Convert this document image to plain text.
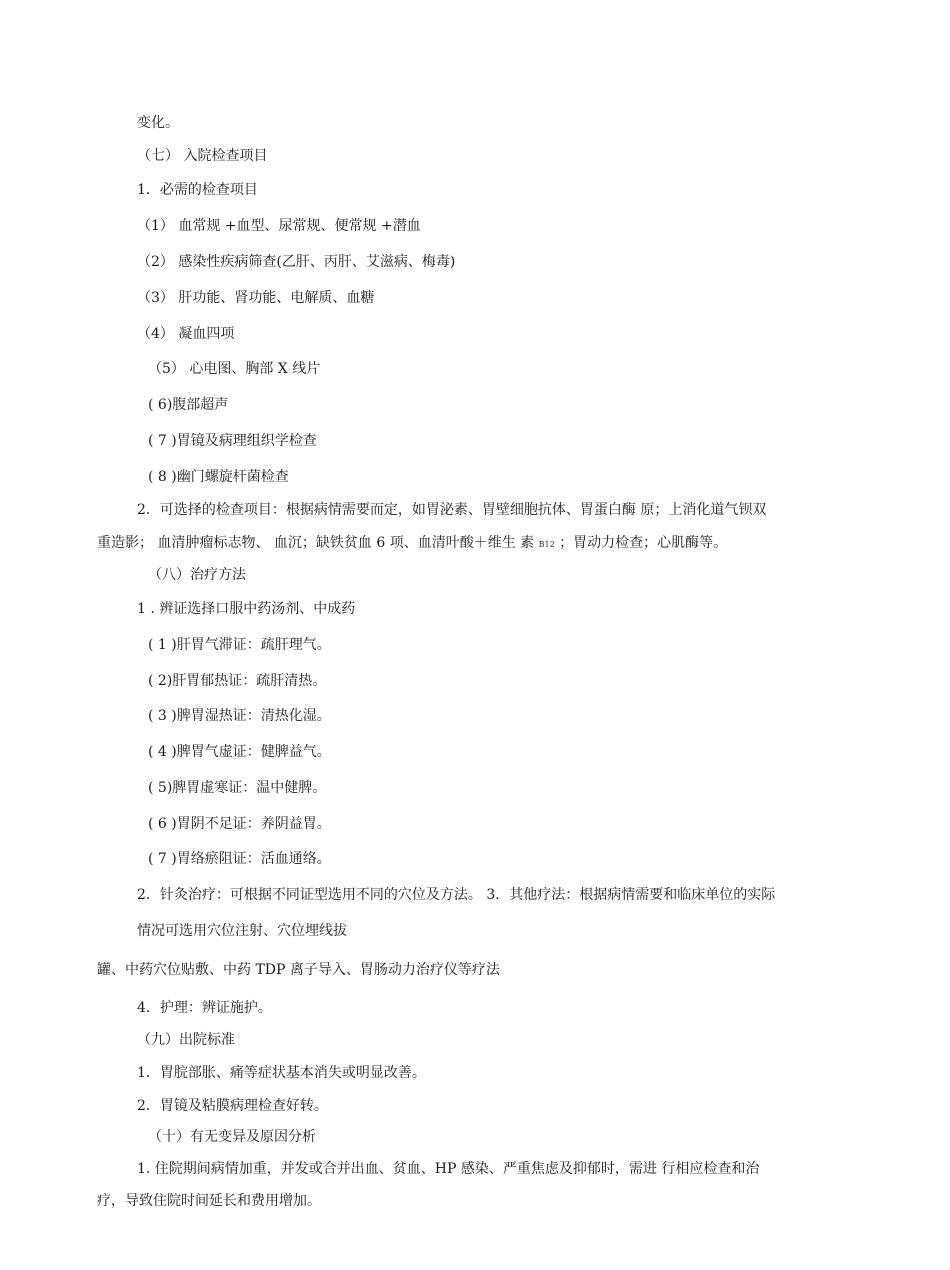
变化。
（七） 入院检查项目
1．必需的检查项目
（1） 血常规 +血型、尿常规、便常规 +潜血
（2） 感染性疾病筛查(乙肝、丙肝、艾滋病、梅毒)
（3） 肝功能、肾功能、电解质、血糖
（4） 凝血四项
（5） 心电图、胸部 X 线片
( 6)腹部超声
( 7 )胃镜及病理组织学检查
( 8 )幽门螺旋杆菌检查
2．可选择的检查项目：根据病情需要而定，如胃泌素、胃壁细胞抗体、胃蛋白酶 原；上消化道气钡双
重造影； 血清肿瘤标志物、 血沉；缺铁贫血 6 项、血清叶酸＋维生 素 B12 ；胃动力检查；心肌酶等。
（八）治疗方法
1 . 辨证选择口服中药汤剂、中成药
( 1 )肝胃气滞证：疏肝理气。
( 2)肝胃郁热证：疏肝清热。
( 3 )脾胃湿热证：清热化湿。
( 4 )脾胃气虚证：健脾益气。
( 5)脾胃虚寒证：温中健脾。
( 6 )胃阴不足证：养阴益胃。
( 7 )胃络瘀阻证：活血通络。
2．针灸治疗：可根据不同证型选用不同的穴位及方法。 3．其他疗法：根据病情需要和临床单位的实际
情况可选用穴位注射、穴位埋线拔
罐、中药穴位贴敷、中药 TDP 离子导入、胃肠动力治疗仪等疗法
4．护理：辨证施护。
（九）出院标准
1．胃脘部胀、痛等症状基本消失或明显改善。
2．胃镜及粘膜病理检查好转。
（十）有无变异及原因分析
1. 住院期间病情加重，并发或合并出血、贫血、HP 感染、严重焦虑及抑郁时，需进 行相应检查和治
疗，导致住院时间延长和费用增加。
